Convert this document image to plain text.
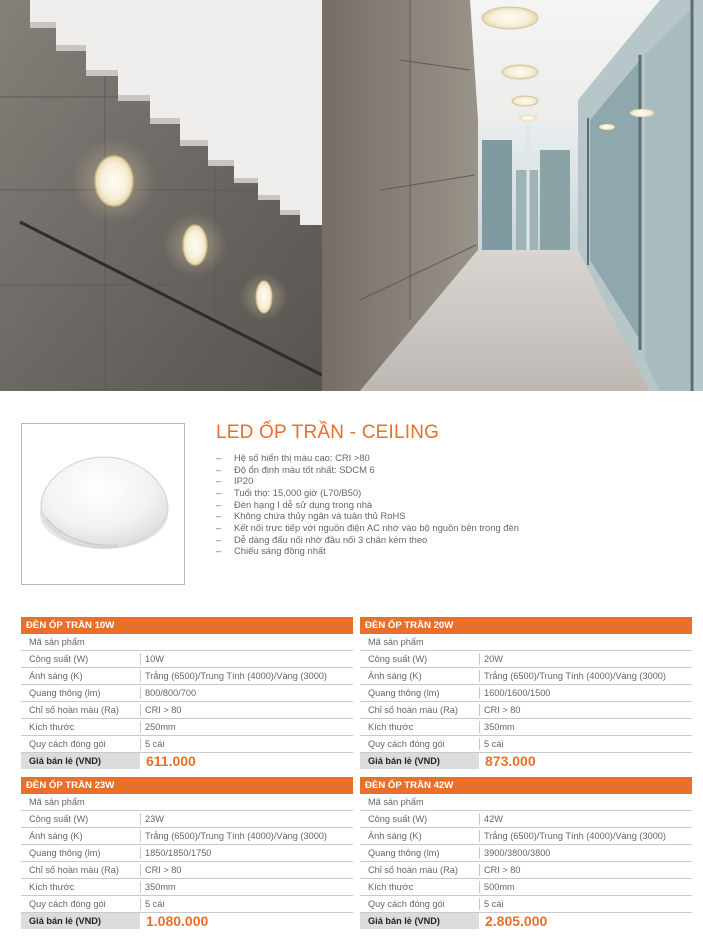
LED ỐP TRẦN - CEILING
– Hệ số hiển thị màu cao: CRI >80
– Độ ổn định màu tốt nhất: SDCM 6
– IP20
– Tuổi thọ: 15,000 giờ (L70/B50)
– Đèn hạng I dễ sử dụng trong nhà
– Không chứa thủy ngân và tuân thủ RoHS
– Kết nối trực tiếp với nguồn điện AC nhờ vào bộ nguồn bên trong đèn
– Dễ dàng đấu nối nhờ đầu nối 3 chân kèm theo
– Chiếu sáng đồng nhất
ĐÈN ỐP TRẦN 10W
Mã sản phẩm
Công suất (W)	10W
Ánh sáng (K)	Trắng (6500)/Trung Tính (4000)/Vàng (3000)
Quang thông (lm)	800/800/700
Chỉ số hoàn màu (Ra)	CRI > 80
Kích thước	250mm
Quy cách đóng gói	5 cái
Giá bán lẻ (VND)	611.000
ĐÈN ỐP TRẦN 20W
Mã sản phẩm
Công suất (W)	20W
Ánh sáng (K)	Trắng (6500)/Trung Tính (4000)/Vàng (3000)
Quang thông (lm)	1600/1600/1500
Chỉ số hoàn màu (Ra)	CRI > 80
Kích thước	350mm
Quy cách đóng gói	5 cái
Giá bán lẻ (VND)	873.000
ĐÈN ỐP TRẦN 23W
Mã sản phẩm
Công suất (W)	23W
Ánh sáng (K)	Trắng (6500)/Trung Tính (4000)/Vàng (3000)
Quang thông (lm)	1850/1850/1750
Chỉ số hoàn màu (Ra)	CRI > 80
Kích thước	350mm
Quy cách đóng gói	5 cái
Giá bán lẻ (VND)	1.080.000
ĐÈN ỐP TRẦN 42W
Mã sản phẩm
Công suất (W)	42W
Ánh sáng (K)	Trắng (6500)/Trung Tính (4000)/Vàng (3000)
Quang thông (lm)	3900/3800/3800
Chỉ số hoàn màu (Ra)	CRI > 80
Kích thước	500mm
Quy cách đóng gói	5 cái
Giá bán lẻ (VND)	2.805.000
